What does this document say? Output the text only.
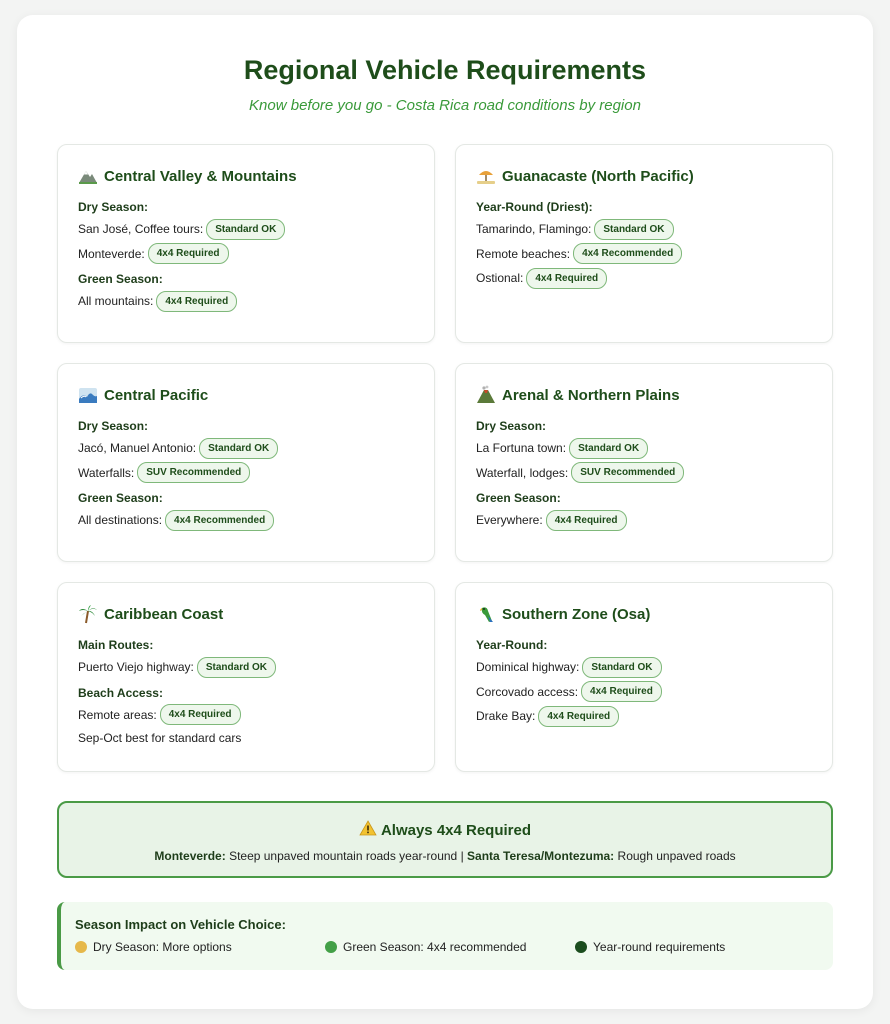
Regional Vehicle Requirements
Know before you go - Costa Rica road conditions by region
Central Valley & Mountains
Dry Season:
San José, Coffee tours:	Standard OK
Monteverde:	4x4 Required
Green Season:
All mountains:	4x4 Required
Guanacaste (North Pacific)
Year-Round (Driest):
Tamarindo, Flamingo:	Standard OK
Remote beaches:	4x4 Recommended
Ostional:	4x4 Required
Central Pacific
Dry Season:
Jacó, Manuel Antonio:	Standard OK
Waterfalls:	SUV Recommended
Green Season:
All destinations:	4x4 Recommended
Arenal & Northern Plains
Dry Season:
La Fortuna town:	Standard OK
Waterfall, lodges:	SUV Recommended
Green Season:
Everywhere:	4x4 Required
Caribbean Coast
Main Routes:
Puerto Viejo highway:	Standard OK
Beach Access:
Remote areas:	4x4 Required
Sep-Oct best for standard cars
Southern Zone (Osa)
Year-Round:
Dominical highway:	Standard OK
Corcovado access:	4x4 Required
Drake Bay:	4x4 Required
Always 4x4 Required
Monteverde: Steep unpaved mountain roads year-round | Santa Teresa/Montezuma: Rough unpaved roads
Season Impact on Vehicle Choice:
Dry Season: More options	Green Season: 4x4 recommended	Year-round requirements
